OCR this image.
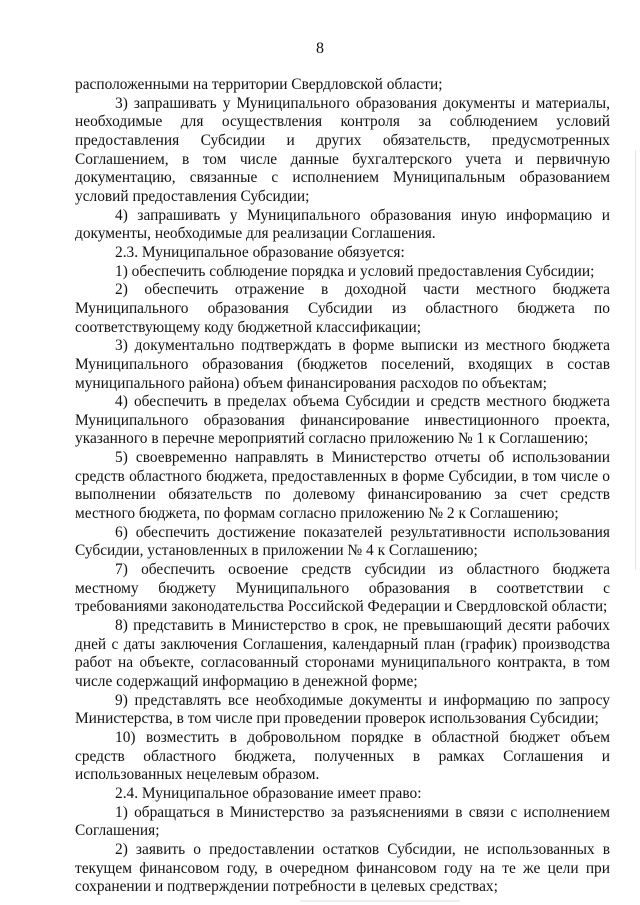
8

расположенными на территории Свердловской области;

3) запрашивать у Муниципального образования документы и материалы, необходимые для осуществления контроля за соблюдением условий предоставления Субсидии и других обязательств, предусмотренных Соглашением, в том числе данные бухгалтерского учета и первичную документацию, связанные с исполнением Муниципальным образованием условий предоставления Субсидии;

4) запрашивать у Муниципального образования иную информацию и документы, необходимые для реализации Соглашения.

2.3. Муниципальное образование обязуется:

1) обеспечить соблюдение порядка и условий предоставления Субсидии;

2) обеспечить отражение в доходной части местного бюджета Муниципального образования Субсидии из областного бюджета по соответствующему коду бюджетной классификации;

3) документально подтверждать в форме выписки из местного бюджета Муниципального образования (бюджетов поселений, входящих в состав муниципального района) объем финансирования расходов по объектам;

4) обеспечить в пределах объема Субсидии и средств местного бюджета Муниципального образования финансирование инвестиционного проекта, указанного в перечне мероприятий согласно приложению № 1 к Соглашению;

5) своевременно направлять в Министерство отчеты об использовании средств областного бюджета, предоставленных в форме Субсидии, в том числе о выполнении обязательств по долевому финансированию за счет средств местного бюджета, по формам согласно приложению № 2 к Соглашению;

6) обеспечить достижение показателей результативности использования Субсидии, установленных в приложении № 4 к Соглашению;

7) обеспечить освоение средств субсидии из областного бюджета местному бюджету Муниципального образования в соответствии с требованиями законодательства Российской Федерации и Свердловской области;

8) представить в Министерство в срок, не превышающий десяти рабочих дней с даты заключения Соглашения, календарный план (график) производства работ на объекте, согласованный сторонами муниципального контракта, в том числе содержащий информацию в денежной форме;

9) представлять все необходимые документы и информацию по запросу Министерства, в том числе при проведении проверок использования Субсидии;

10) возместить в добровольном порядке в областной бюджет объем средств областного бюджета, полученных в рамках Соглашения и использованных нецелевым образом.

2.4. Муниципальное образование имеет право:

1) обращаться в Министерство за разъяснениями в связи с исполнением Соглашения;

2) заявить о предоставлении остатков Субсидии, не использованных в текущем финансовом году, в очередном финансовом году на те же цели при сохранении и подтверждении потребности в целевых средствах;
